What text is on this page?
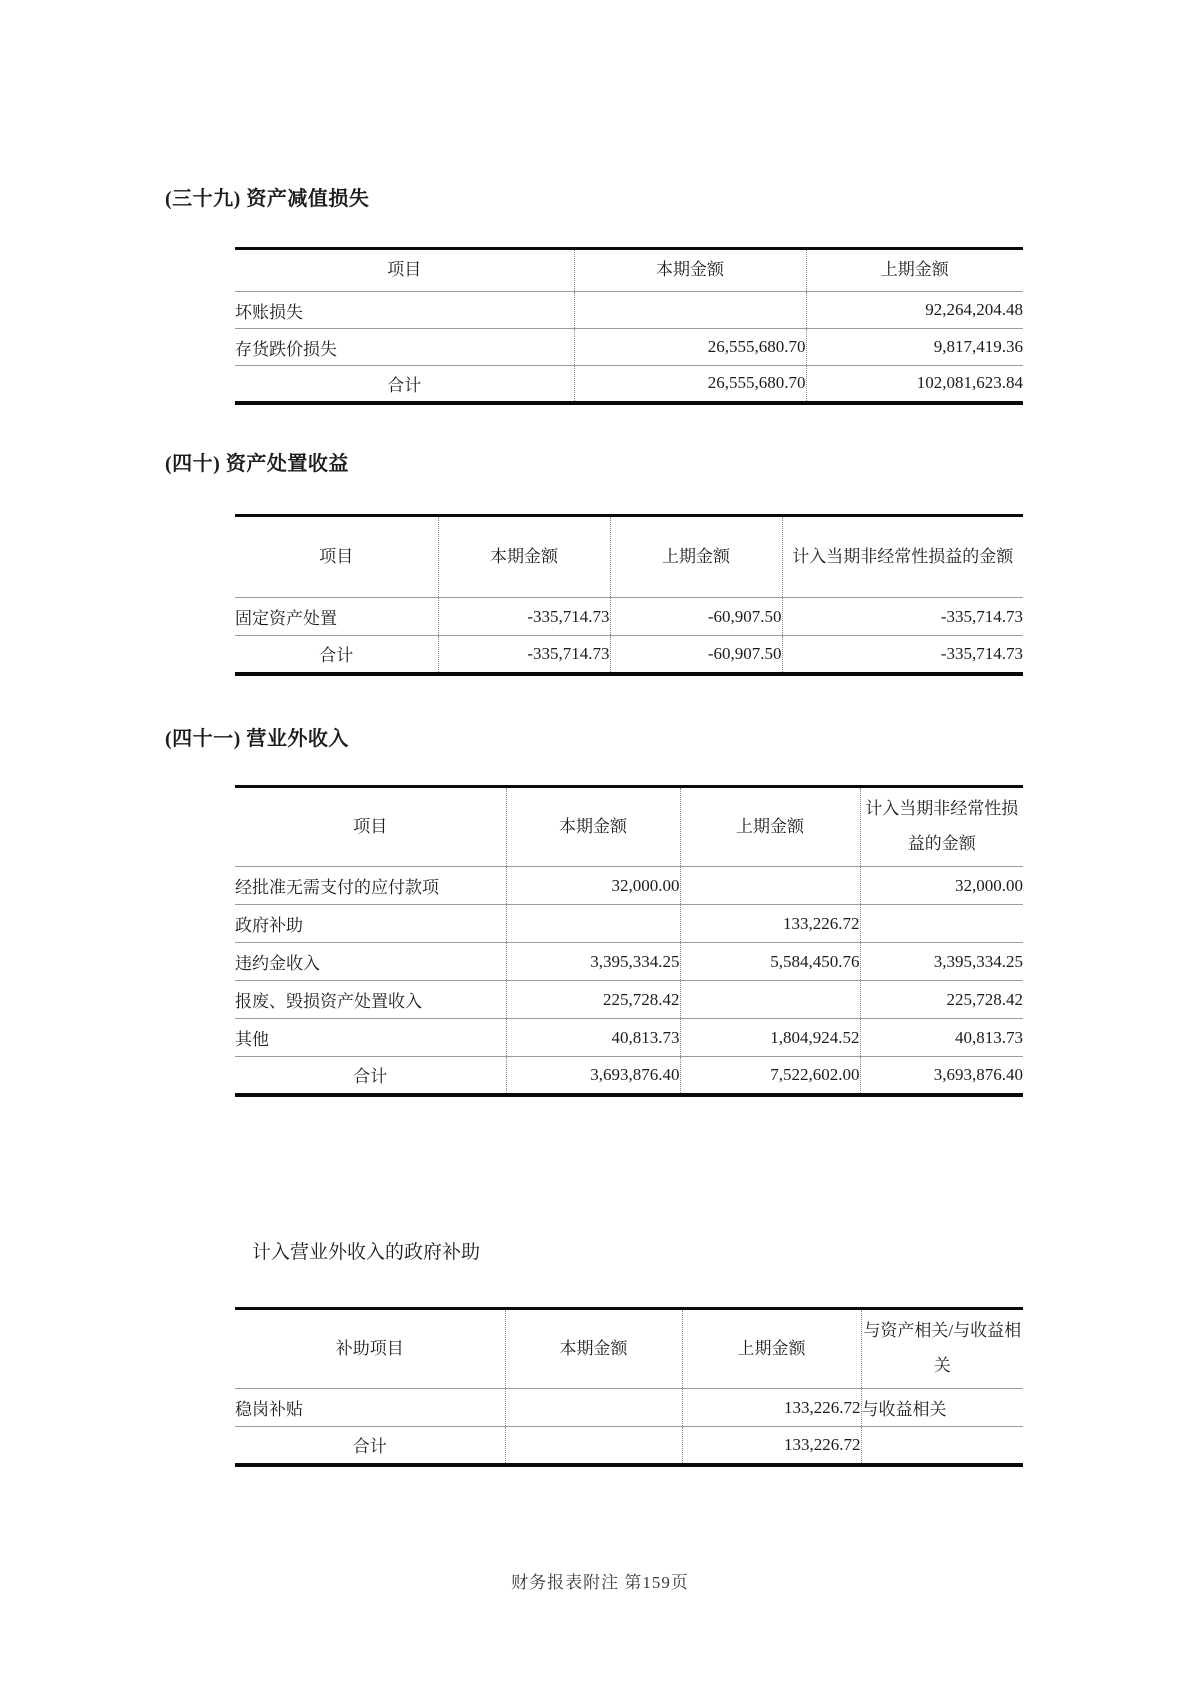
(三十九) 资产减值损失
项目	本期金额	上期金额
坏账损失		92,264,204.48
存货跌价损失	26,555,680.70	9,817,419.36
合计	26,555,680.70	102,081,623.84
(四十) 资产处置收益
项目	本期金额	上期金额	计入当期非经常性损益的金额
固定资产处置	-335,714.73	-60,907.50	-335,714.73
合计	-335,714.73	-60,907.50	-335,714.73
(四十一) 营业外收入
项目	本期金额	上期金额	计入当期非经常性损益的金额
经批准无需支付的应付款项	32,000.00		32,000.00
政府补助		133,226.72	
违约金收入	3,395,334.25	5,584,450.76	3,395,334.25
报废、毁损资产处置收入	225,728.42		225,728.42
其他	40,813.73	1,804,924.52	40,813.73
合计	3,693,876.40	7,522,602.00	3,693,876.40
计入营业外收入的政府补助
补助项目	本期金额	上期金额	与资产相关/与收益相关
稳岗补贴		133,226.72	与收益相关
合计		133,226.72	
财务报表附注 第159页
